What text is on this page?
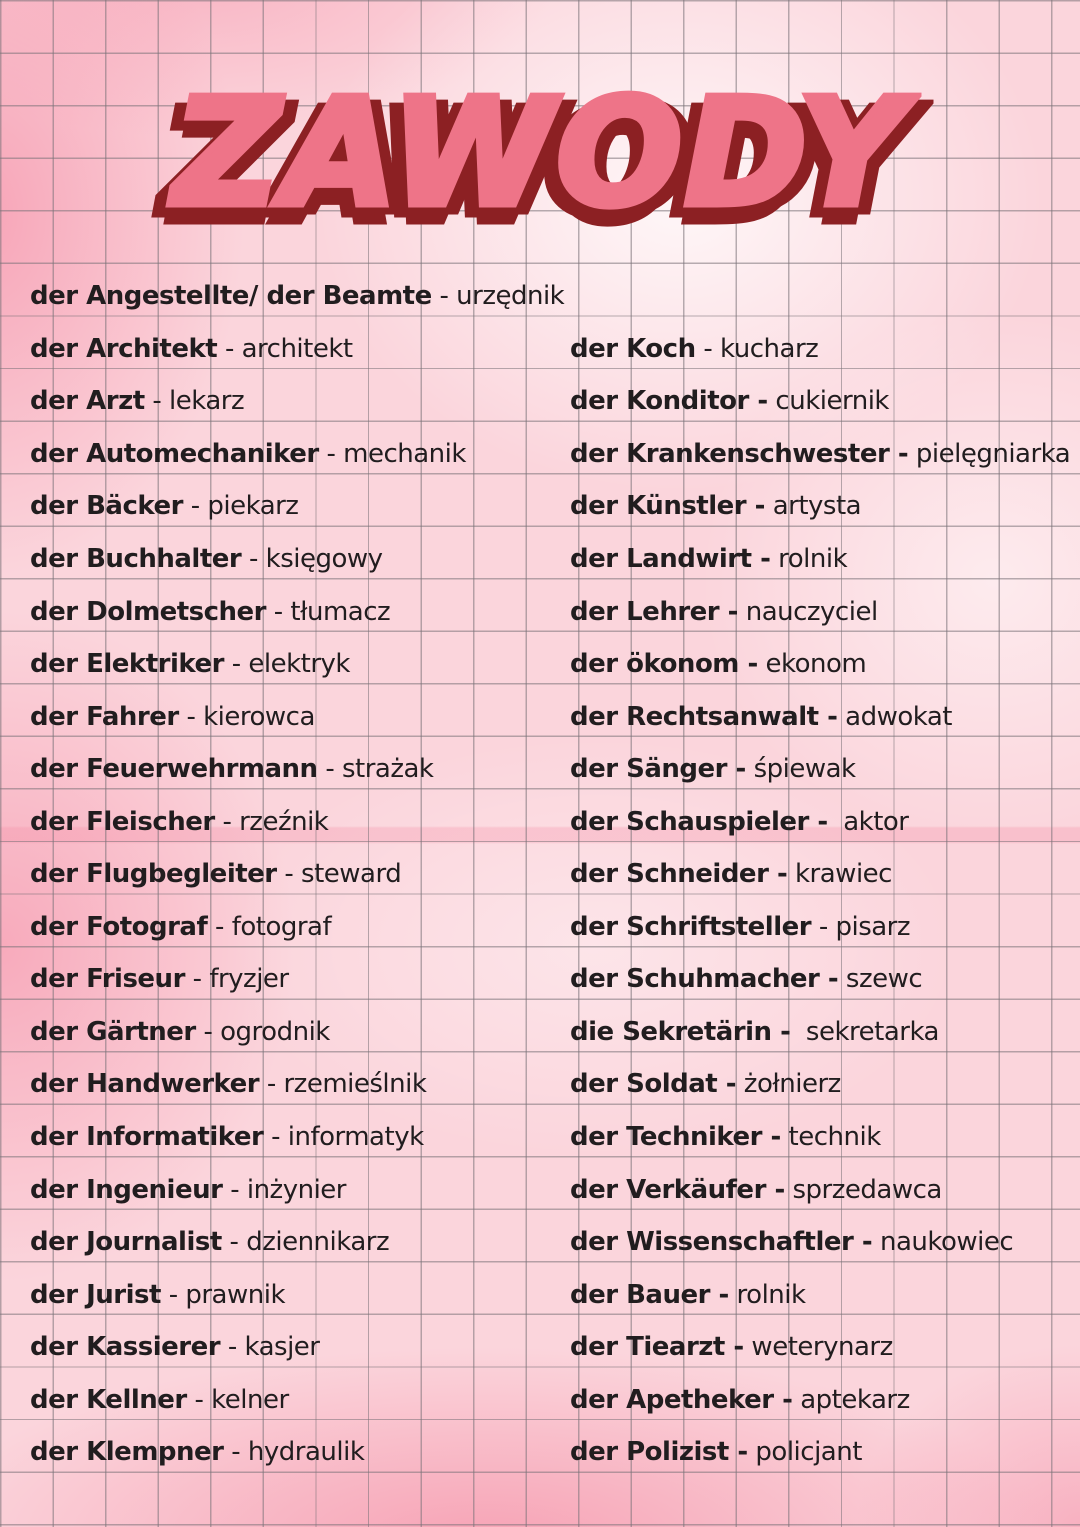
ZAWODY
der Angestellte/ der Beamte - urzędnik
der Architekt - architekt	der Koch - kucharz
der Arzt - lekarz	der Konditor - cukiernik
der Automechaniker - mechanik	der Krankenschwester - pielęgniarka
der Bäcker - piekarz	der Künstler - artysta
der Buchhalter - księgowy	der Landwirt - rolnik
der Dolmetscher - tłumacz	der Lehrer - nauczyciel
der Elektriker - elektryk	der ökonom - ekonom
der Fahrer - kierowca	der Rechtsanwalt - adwokat
der Feuerwehrmann - strażak	der Sänger - śpiewak
der Fleischer - rzeźnik	der Schauspieler -  aktor
der Flugbegleiter - steward	der Schneider - krawiec
der Fotograf - fotograf	der Schriftsteller - pisarz
der Friseur - fryzjer	der Schuhmacher - szewc
der Gärtner - ogrodnik	die Sekretärin -  sekretarka
der Handwerker - rzemieślnik	der Soldat - żołnierz
der Informatiker - informatyk	der Techniker - technik
der Ingenieur - inżynier	der Verkäufer - sprzedawca
der Journalist - dziennikarz	der Wissenschaftler - naukowiec
der Jurist - prawnik	der Bauer - rolnik
der Kassierer - kasjer	der Tiearzt - weterynarz
der Kellner - kelner	der Apetheker - aptekarz
der Klempner - hydraulik	der Polizist - policjant
